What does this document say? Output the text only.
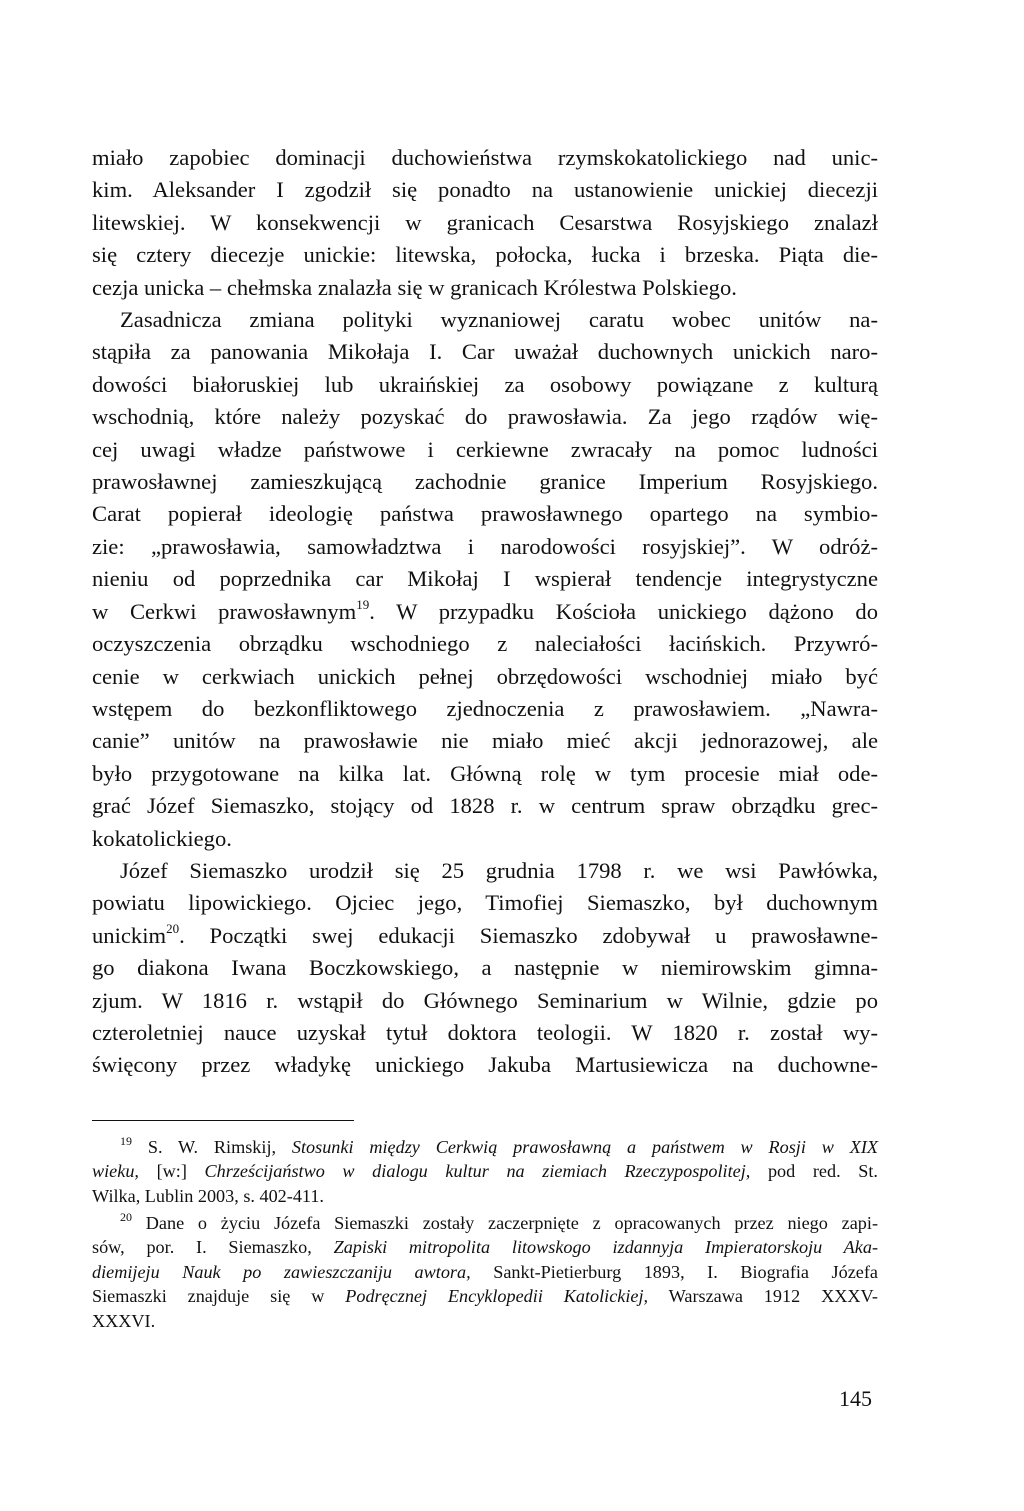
miało zapobiec dominacji duchowieństwa rzymskokatolickiego nad unic-

kim. Aleksander I zgodził się ponadto na ustanowienie unickiej diecezji

litewskiej. W konsekwencji w granicach Cesarstwa Rosyjskiego znalazł

się cztery diecezje unickie: litewska, połocka, łucka i brzeska. Piąta die-

cezja unicka – chełmska znalazła się w granicach Królestwa Polskiego.

Zasadnicza zmiana polityki wyznaniowej caratu wobec unitów na-

stąpiła za panowania Mikołaja I. Car uważał duchownych unickich naro-

dowości białoruskiej lub ukraińskiej za osobowy powiązane z kulturą

wschodnią, które należy pozyskać do prawosławia. Za jego rządów wię-

cej uwagi władze państwowe i cerkiewne zwracały na pomoc ludności

prawosławnej zamieszkującą zachodnie granice Imperium Rosyjskiego.

Carat popierał ideologię państwa prawosławnego opartego na symbio-

zie: „prawosławia, samowładztwa i narodowości rosyjskiej”. W odróż-

nieniu od poprzednika car Mikołaj I wspierał tendencje integrystyczne

w Cerkwi prawosławnym$^{19}$. W przypadku Kościoła unickiego dążono do

oczyszczenia obrządku wschodniego z naleciałości łacińskich. Przywró-

cenie w cerkwiach unickich pełnej obrzędowości wschodniej miało być

wstępem do bezkonfliktowego zjednoczenia z prawosławiem. „Nawra-

canie” unitów na prawosławie nie miało mieć akcji jednorazowej, ale

było przygotowane na kilka lat. Główną rolę w tym procesie miał ode-

grać Józef Siemaszko, stojący od 1828 r. w centrum spraw obrządku grec-

kokatolickiego.

Józef Siemaszko urodził się 25 grudnia 1798 r. we wsi Pawłówka,

powiatu lipowickiego. Ojciec jego, Timofiej Siemaszko, był duchownym

unickim$^{20}$. Początki swej edukacji Siemaszko zdobywał u prawosławne-

go diakona Iwana Boczkowskiego, a następnie w niemirowskim gimna-

zjum. W 1816 r. wstąpił do Głównego Seminarium w Wilnie, gdzie po

czteroletniej nauce uzyskał tytuł doktora teologii. W 1820 r. został wy-

święcony przez władykę unickiego Jakuba Martusiewicza na duchowne-

$^{19}$ S. W. Rimskij, Stosunki między Cerkwią prawosławną a państwem w Rosji w XIX

wieku, [w:] Chrześcijaństwo w dialogu kultur na ziemiach Rzeczypospolitej, pod red. St.

Wilka, Lublin 2003, s. 402-411.

$^{20}$ Dane o życiu Józefa Siemaszki zostały zaczerpnięte z opracowanych przez niego zapi-

sów, por. I. Siemaszko, Zapiski mitropolita litowskogo izdannyja Impieratorskoju Aka-

diemijeju Nauk po zawieszczaniju awtora, Sankt-Pietierburg 1893, I. Biografia Józefa

Siemaszki znajduje się w Podręcznej Encyklopedii Katolickiej, Warszawa 1912 XXXV-

XXXVI.

145
